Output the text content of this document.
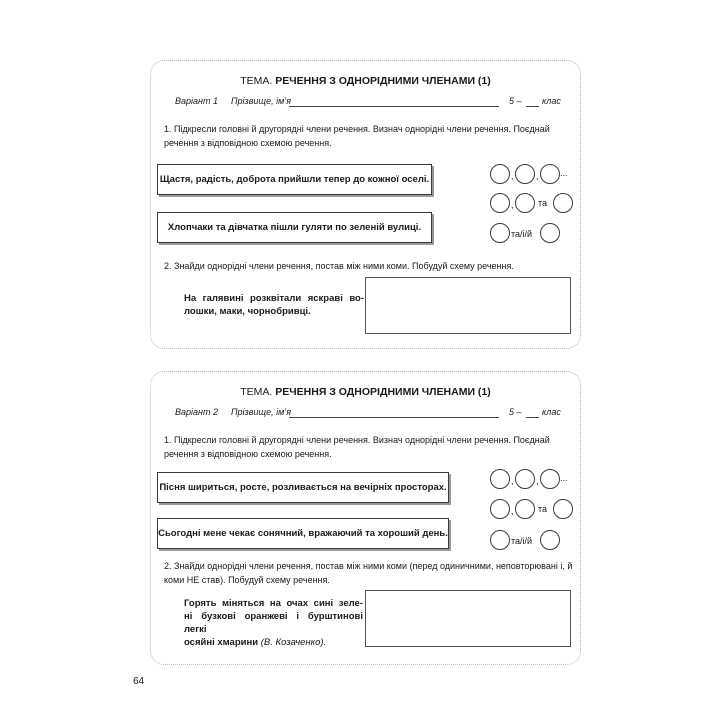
ТЕМА. РЕЧЕННЯ З ОДНОРІДНИМИ ЧЛЕНАМИ (1)
Варіант 1 Прізвище, ім’я	5 – клас
1. Підкресли головні й другорядні члени речення. Визнач однорідні члени речення. Поєднай речення з відповідною схемою речення.
Щастя, радість, доброта прийшли тепер до кожної оселі.
Хлопчаки та дівчатка пішли гуляти по зеленій вулиці.
, , ...
,	та
та/і/й
2. Знайди однорідні члени речення, постав між ними коми. Побудуй схему речення.
На галявині розквітали яскраві во-
лошки, маки, чорнобривці.
ТЕМА. РЕЧЕННЯ З ОДНОРІДНИМИ ЧЛЕНАМИ (1)
Варіант 2 Прізвище, ім’я	5 – клас
1. Підкресли головні й другорядні члени речення. Визнач однорідні члени речення. Поєднай речення з відповідною схемою речення.
Пісня шириться, росте, розливається на вечірніх просторах.
Сьогодні мене чекає сонячний, вражаючий та хороший день.
, , ...
,	та
та/і/й
2. Знайди однорідні члени речення, постав між ними коми (перед одиничними, неповторювані і, й коми НЕ став). Побудуй схему речення.
Горять міняться на очах сині зеле-
ні бузкові оранжеві і бурштинові легкі
осяйні хмарини (В. Козаченко).
64
